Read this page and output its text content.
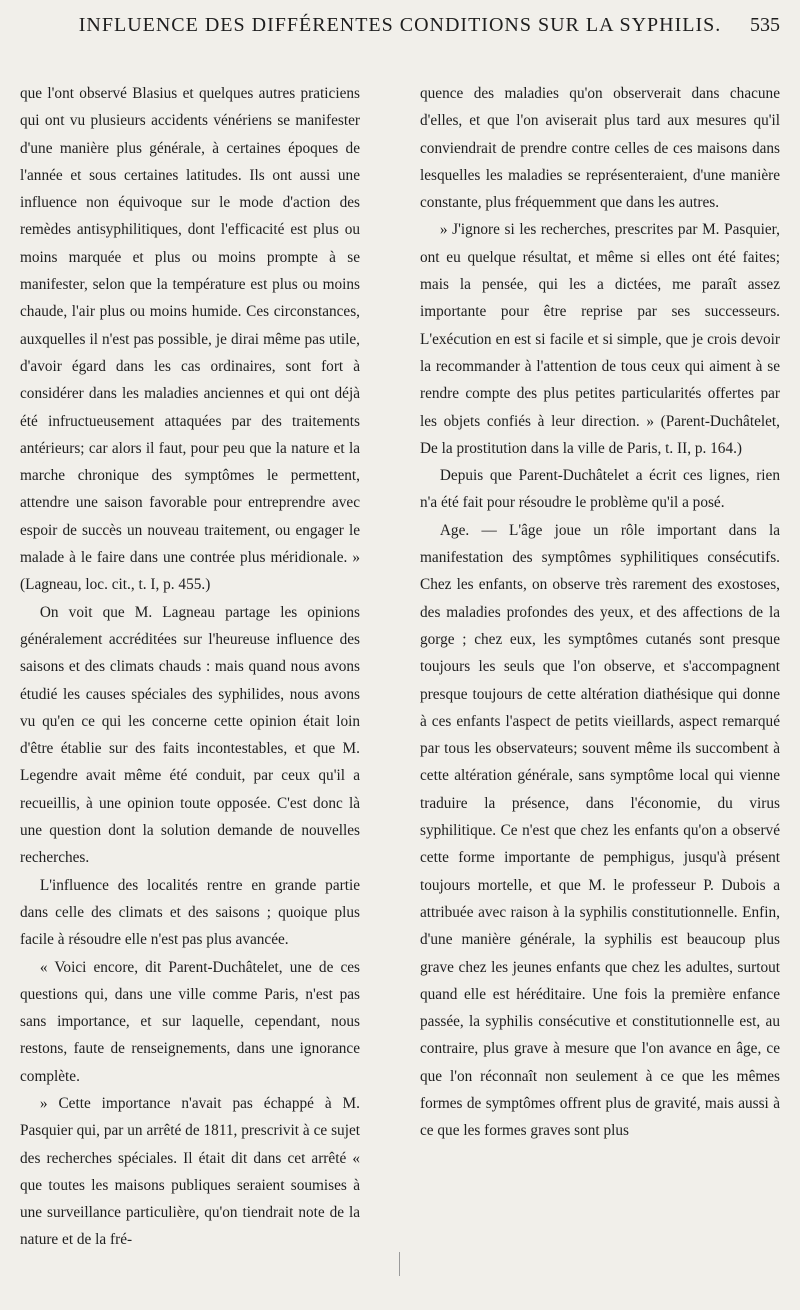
INFLUENCE DES DIFFÉRENTES CONDITIONS SUR LA SYPHILIS.	535

que l'ont observé Blasius et quelques autres praticiens qui ont vu plusieurs accidents vénériens se manifester d'une manière plus générale, à certaines époques de l'année et sous certaines latitudes. Ils ont aussi une influence non équivoque sur le mode d'action des remèdes antisyphilitiques, dont l'efficacité est plus ou moins marquée et plus ou moins prompte à se manifester, selon que la température est plus ou moins chaude, l'air plus ou moins humide. Ces circonstances, auxquelles il n'est pas possible, je dirai même pas utile, d'avoir égard dans les cas ordinaires, sont fort à considérer dans les maladies anciennes et qui ont déjà été infructueusement attaquées par des traitements antérieurs; car alors il faut, pour peu que la nature et la marche chronique des symptômes le permettent, attendre une saison favorable pour entreprendre avec espoir de succès un nouveau traitement, ou engager le malade à le faire dans une contrée plus méridionale. » (Lagneau, loc. cit., t. I, p. 455.)

On voit que M. Lagneau partage les opinions généralement accréditées sur l'heureuse influence des saisons et des climats chauds : mais quand nous avons étudié les causes spéciales des syphilides, nous avons vu qu'en ce qui les concerne cette opinion était loin d'être établie sur des faits incontestables, et que M. Legendre avait même été conduit, par ceux qu'il a recueillis, à une opinion toute opposée. C'est donc là une question dont la solution demande de nouvelles recherches.

L'influence des localités rentre en grande partie dans celle des climats et des saisons ; quoique plus facile à résoudre elle n'est pas plus avancée.

« Voici encore, dit Parent-Duchâtelet, une de ces questions qui, dans une ville comme Paris, n'est pas sans importance, et sur laquelle, cependant, nous restons, faute de renseignements, dans une ignorance complète.

» Cette importance n'avait pas échappé à M. Pasquier qui, par un arrêté de 1811, prescrivit à ce sujet des recherches spéciales. Il était dit dans cet arrêté « que toutes les maisons publiques seraient soumises à une surveillance particulière, qu'on tiendrait note de la nature et de la fré-

quence des maladies qu'on observerait dans chacune d'elles, et que l'on aviserait plus tard aux mesures qu'il conviendrait de prendre contre celles de ces maisons dans lesquelles les maladies se représenteraient, d'une manière constante, plus fréquemment que dans les autres.

» J'ignore si les recherches, prescrites par M. Pasquier, ont eu quelque résultat, et même si elles ont été faites; mais la pensée, qui les a dictées, me paraît assez importante pour être reprise par ses successeurs. L'exécution en est si facile et si simple, que je crois devoir la recommander à l'attention de tous ceux qui aiment à se rendre compte des plus petites particularités offertes par les objets confiés à leur direction. » (Parent-Duchâtelet, De la prostitution dans la ville de Paris, t. II, p. 164.)

Depuis que Parent-Duchâtelet a écrit ces lignes, rien n'a été fait pour résoudre le problème qu'il a posé.

Age. — L'âge joue un rôle important dans la manifestation des symptômes syphilitiques consécutifs. Chez les enfants, on observe très rarement des exostoses, des maladies profondes des yeux, et des affections de la gorge ; chez eux, les symptômes cutanés sont presque toujours les seuls que l'on observe, et s'accompagnent presque toujours de cette altération diathésique qui donne à ces enfants l'aspect de petits vieillards, aspect remarqué par tous les observateurs; souvent même ils succombent à cette altération générale, sans symptôme local qui vienne traduire la présence, dans l'économie, du virus syphilitique. Ce n'est que chez les enfants qu'on a observé cette forme importante de pemphigus, jusqu'à présent toujours mortelle, et que M. le professeur P. Dubois a attribuée avec raison à la syphilis constitutionnelle. Enfin, d'une manière générale, la syphilis est beaucoup plus grave chez les jeunes enfants que chez les adultes, surtout quand elle est héréditaire. Une fois la première enfance passée, la syphilis consécutive et constitutionnelle est, au contraire, plus grave à mesure que l'on avance en âge, ce que l'on réconnaît non seulement à ce que les mêmes formes de symptômes offrent plus de gravité, mais aussi à ce que les formes graves sont plus
